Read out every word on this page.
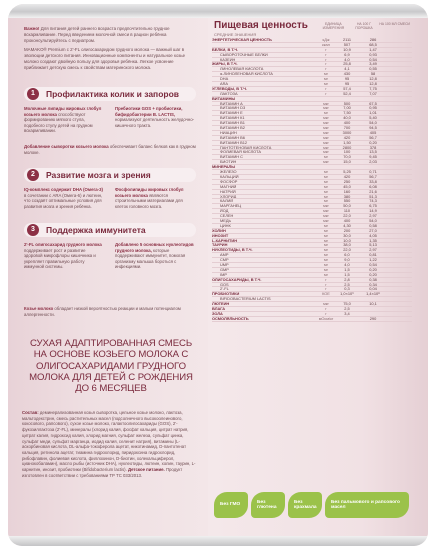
Важно! Для питания детей раннего возраста предпочтительно грудное вскармливание. Перед введением молочной смеси в рацион ребёнка проконсультируйтесь с педиатром.

MAMAKO® Premium с 2'-FL олигосахаридом грудного молока — важный шаг в эволюции детского питания. Инновационные компоненты и натуральное козье молоко создают двойную пользу для здоровья ребёнка. Легкое усвоение приближает детскую смесь к свойствам материнского молока.

1	Профилактика колик и запоров
Молочные липиды жировых глобул козьего молока способствуют формированию мягкого стула, подобного стулу детей на грудном вскармливании.
Пребиотики GOS + пробиотики, бифидобактерии B. LACTIS, нормализуют деятельность желудочно-кишечного тракта.
Добавление сыворотки козьего молока обеспечивает баланс белков как в грудном молоке.
2	Развитие мозга и зрения
IQ-комплекс содержит DHA (Омега-3) в сочетании с ARA (Омега-6) и лютеин, что создаёт оптимальные условия для развития мозга и зрения ребёнка.
Фосфолипиды жировых глобул козьего молока являются строительными материалами для клеток головного мозга.
3	Поддержка иммунитета
2'-FL олигосахарид грудного молока поддерживает рост и развитие здоровой микрофлоры кишечника и укрепляет правильную работу иммунной системы.
Добавлено 5 основных нуклеотидов грудного молока, которые поддерживают иммунитет, помогая организму малыша бороться с инфекциями.
Козье молоко обладает низкой вероятностью реакции и малым потенциалом аллергенности.
СУХАЯ АДАПТИРОВАННАЯ СМЕСЬ НА ОСНОВЕ КОЗЬЕГО МОЛОКА С ОЛИГОСАХАРИДАМИ ГРУДНОГО МОЛОКА ДЛЯ ДЕТЕЙ С РОЖДЕНИЯ ДО 6 МЕСЯЦЕВ
Состав: деминерализованная козья сыворотка, цельное козье молоко, лактоза, мальтодекстрин, смесь растительных масел (подсолнечного высокоолеинового, кокосового, рапсового), сухое козье молоко, галактоолигосахариды (GOS), 2'-фукозиллактоза (2'-FL), минералы (хлорид калия, фосфат кальция, цитрат натрия, цитрат калия, гидроксид калия, хлорид магния, сульфат железа, сульфат цинка, сульфат меди, сульфат марганца, иодид калия, селенит натрия), витамины (L-аскорбиновая кислота, DL-альфа-токоферола ацетат, никотинамид, D-пантотенат кальция, ретинола ацетат, тиамина гидрохлорид, пиридоксина гидрохлорид, рибофлавин, фолиевая кислота, филлохинон, D-биотин, холекальциферол, цианокобаламин), масло рыбы (источник DHA), нуклеотиды, лютеин, холин, таурин, L-карнитин, инозит, пробиотики (Bifidobacterium lactis). Детское питание. Продукт изготовлен в соответствии с требованиями ТР ТС 033/2013.
Пищевая ценность
СРЕДНИЕ ЗНАЧЕНИЯ
ЕДИНИЦА ИЗМЕРЕНИЯ
НА 100 Г ПОРОШКА
НА 100 МЛ СМЕСИ
ЭНЕРГЕТИЧЕСКАЯ ЦЕННОСТЬ	кДж	2111	286
ккал	507	68,5
БЕЛКИ, В Т.Ч.	г	10,9	1,47
СЫВОРОТОЧНЫЕ БЕЛКИ	г	6,9	0,93
КАЗЕИН	г	4,0	0,54
ЖИРЫ, В Т.Ч.	г	25,8	3,49
ЛИНОЛЕВАЯ КИСЛОТА	г	4,1	0,55
α-ЛИНОЛЕНОВАЯ КИСЛОТА	мг	430	58
DHA	мг	95	12,8
ARA	мг	95	12,8
УГЛЕВОДЫ, В Т.Ч.	г	57,4	7,75
ЛАКТОЗА	г	52,4	7,07
ВИТАМИНЫ
ВИТАМИН А	мкг	500	67,5
ВИТАМИН D3	мкг	7,00	0,95
ВИТАМИН Е	мг	7,50	1,01
ВИТАМИН К1	мкг	40,0	5,40
ВИТАМИН В1	мкг	400	54,0
ВИТАМИН В2	мкг	700	94,5
НИАЦИН	мкг	3000	405
ВИТАМИН В6	мкг	420	56,7
ВИТАМИН В12	мкг	1,50	0,20
ПАНТОТЕНОВАЯ КИСЛОТА	мкг	2800	378
ФОЛИЕВАЯ КИСЛОТА	мкг	100	13,5
ВИТАМИН С	мг	70,0	9,45
БИОТИН	мкг	15,0	2,03
МИНЕРАЛЫ
ЖЕЛЕЗО	мг	5,25	0,71
КАЛЬЦИЙ	мг	420	56,7
ФОСФОР	мг	250	33,8
МАГНИЙ	мг	45,0	6,08
НАТРИЙ	мг	160	21,6
ХЛОРИД	мг	380	51,3
КАЛИЙ	мг	550	74,3
МАРГАНЕЦ	мкг	50,0	6,75
ЙОД	мкг	110	14,9
СЕЛЕН	мкг	22,0	2,97
МЕДЬ	мкг	400	54,0
ЦИНК	мг	4,30	0,58
ХОЛИН	мг	200	27,0
ИНОЗИТ	мг	30,0	4,05
L-КАРНИТИН	мг	10,0	1,35
ТАУРИН	мг	38,0	5,13
НУКЛЕОТИДЫ, В Т.Ч.	мг	22,0	2,97
АМР	мг	6,0	0,81
CMP	мг	9,0	1,22
UMP	мг	4,0	0,54
GMP	мг	1,5	0,20
IMP	мг	1,5	0,20
ОЛИГОСАХАРИДЫ, В Т.Ч.	г	2,8	0,38
GOS	г	2,5	0,34
2'-FL	г	0,3	0,04
ПРОБИОТИКИ	КОЕ	1,0×10⁹	1,4×10⁸
BIFIDOBACTERIUM LACTIS
ЛЮТЕИН	мкг	75,0	10,1
ВЛАГА	г	2,5
ЗОЛА	г	3,4
ОСМОЛЯЛЬНОСТЬ	мОсм/кг	290
Без ГМО
Без глютена
Без крахмала
Без пальмового и рапсового масел
